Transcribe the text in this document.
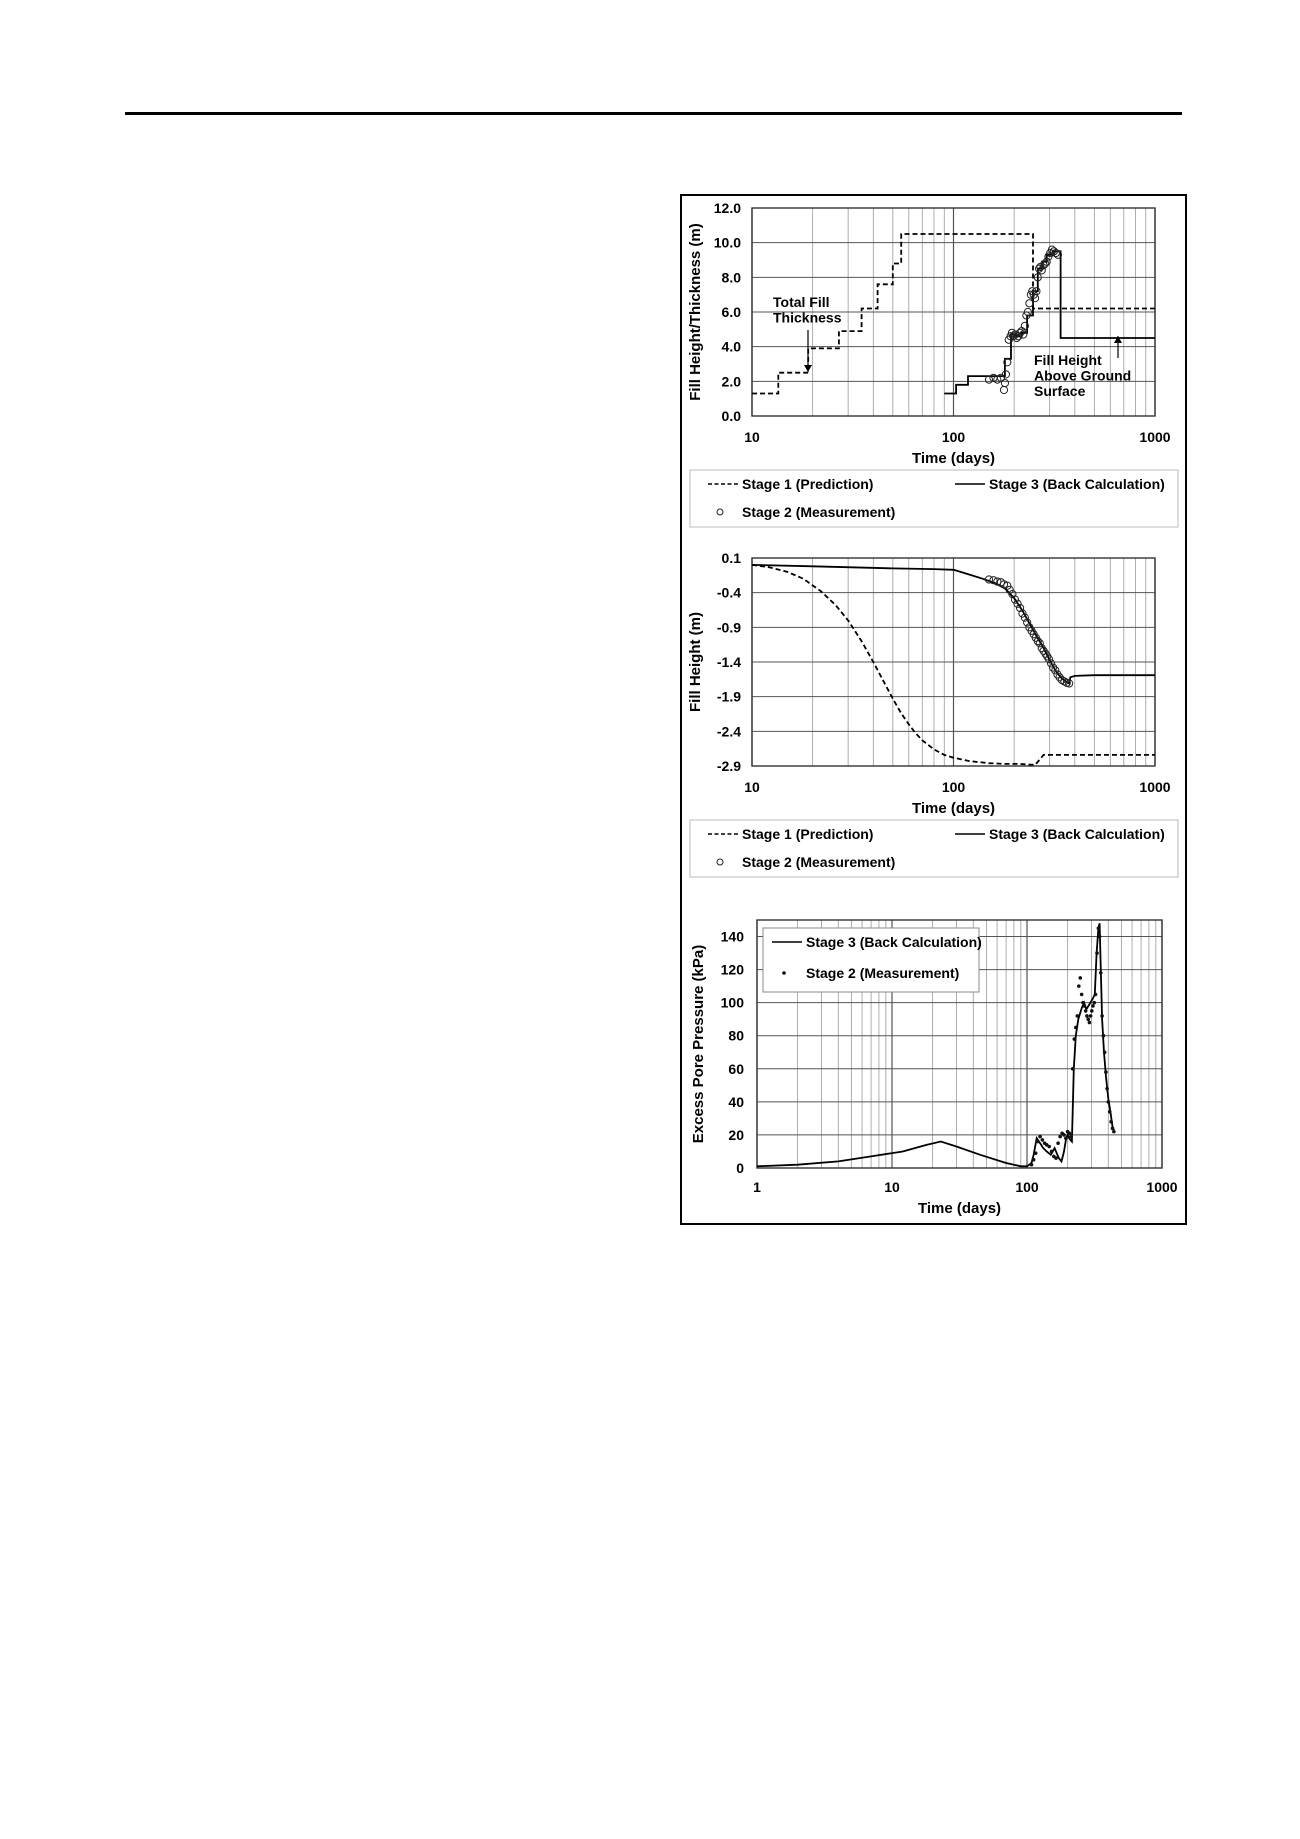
10	100	1000
0.0
2.0
4.0
6.0
8.0
10.0
12.0
Time (days)
Fill Height/Thickness (m)
Stage 1 (Prediction)	Stage 3 (Back Calculation)
Stage 2 (Measurement)
Total Fill Thickness
Fill Height Above Ground Surface
10	100	1000
0.1
-0.4
-0.9
-1.4
-1.9
-2.4
-2.9
Time (days)
Fill Height (m)
Stage 1 (Prediction)	Stage 3 (Back Calculation)
Stage 2 (Measurement)
1	10	100	1000
0
20
40
60
80
100
120
140
Time (days)
Excess Pore Pressure (kPa)
Stage 3 (Back Calculation)
Stage 2 (Measurement)
